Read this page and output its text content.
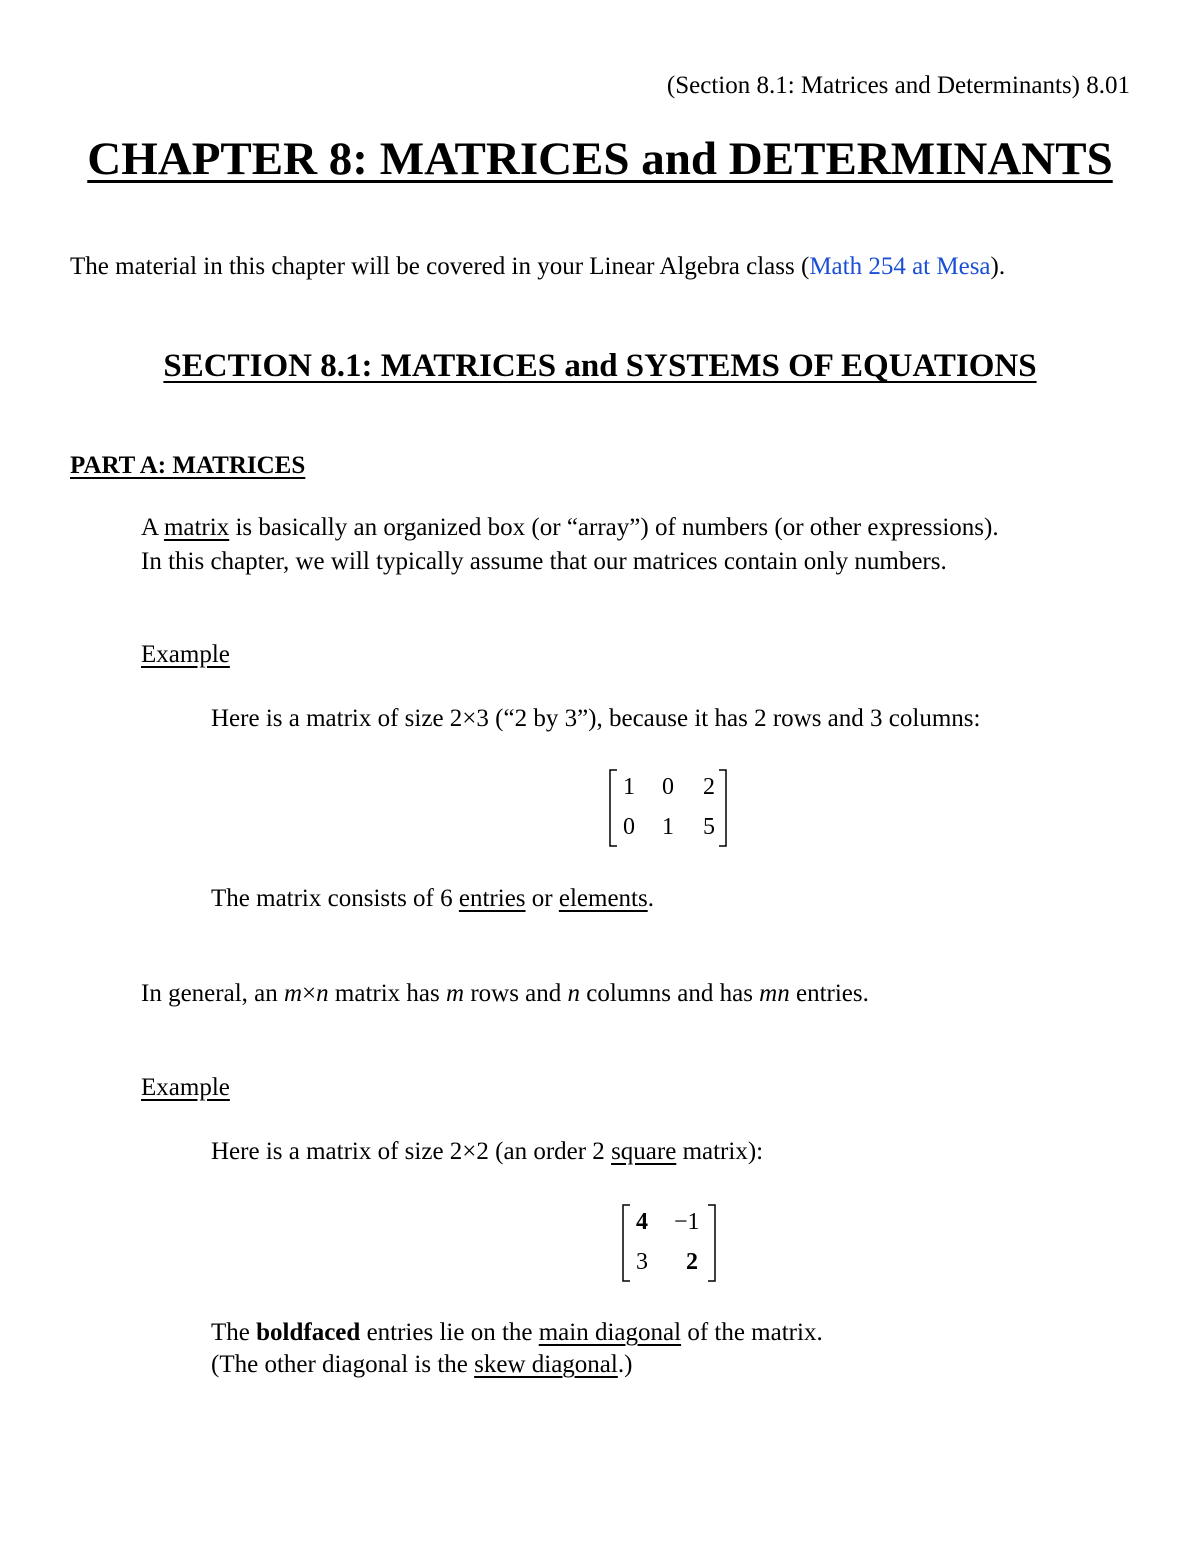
(Section 8.1: Matrices and Determinants) 8.01
CHAPTER 8: MATRICES and DETERMINANTS
The material in this chapter will be covered in your Linear Algebra class (Math 254 at Mesa).
SECTION 8.1: MATRICES and SYSTEMS OF EQUATIONS
PART A: MATRICES
A matrix is basically an organized box (or “array”) of numbers (or other expressions).
In this chapter, we will typically assume that our matrices contain only numbers.
Example
Here is a matrix of size 2×3 (“2 by 3”), because it has 2 rows and 3 columns:
1 0 2
0 1 5
The matrix consists of 6 entries or elements.
In general, an m×n matrix has m rows and n columns and has mn entries.
Example
Here is a matrix of size 2×2 (an order 2 square matrix):
4 −1
3 2
The boldfaced entries lie on the main diagonal of the matrix.
(The other diagonal is the skew diagonal.)
